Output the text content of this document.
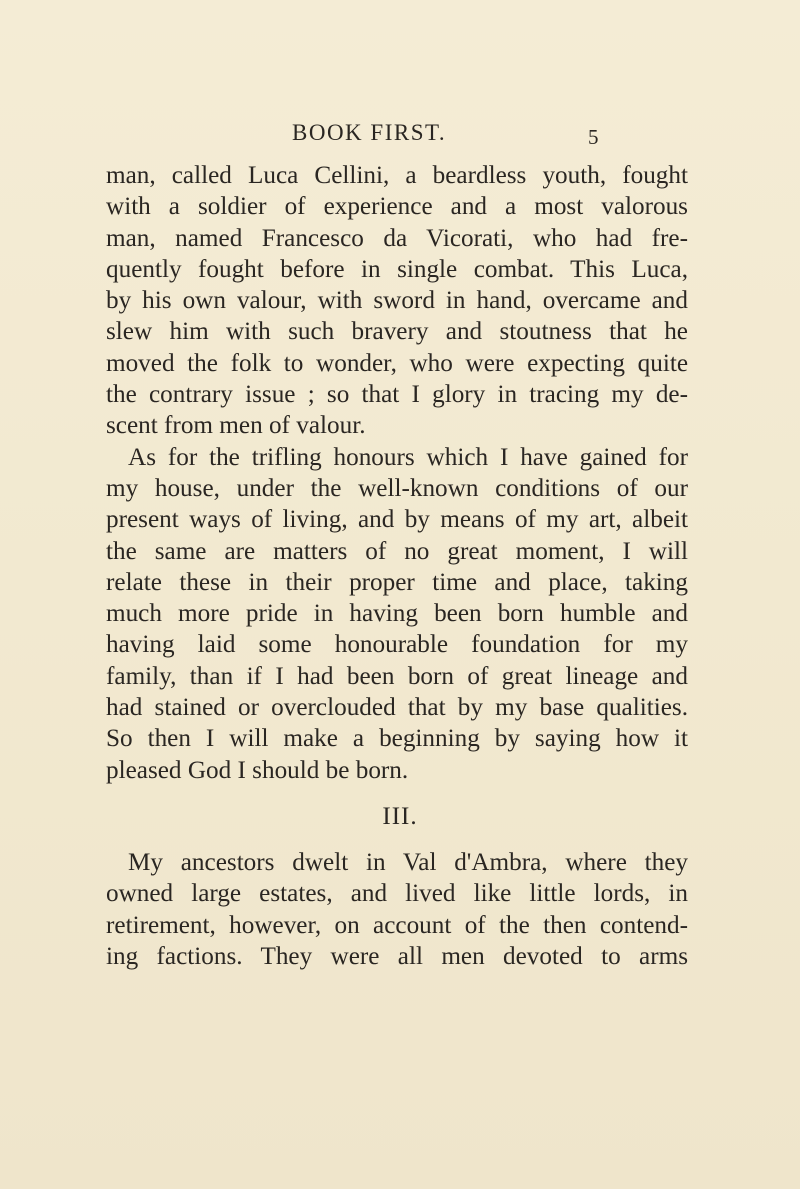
BOOK FIRST.	5
man, called Luca Cellini, a beardless youth, fought
with a soldier of experience and a most valorous
man, named Francesco da Vicorati, who had fre-
quently fought before in single combat. This Luca,
by his own valour, with sword in hand, overcame and
slew him with such bravery and stoutness that he
moved the folk to wonder, who were expecting quite
the contrary issue ; so that I glory in tracing my de-
scent from men of valour.
As for the trifling honours which I have gained for
my house, under the well-known conditions of our
present ways of living, and by means of my art, albeit
the same are matters of no great moment, I will
relate these in their proper time and place, taking
much more pride in having been born humble and
having laid some honourable foundation for my
family, than if I had been born of great lineage and
had stained or overclouded that by my base qualities.
So then I will make a beginning by saying how it
pleased God I should be born.
III.
My ancestors dwelt in Val d'Ambra, where they
owned large estates, and lived like little lords, in
retirement, however, on account of the then contend-
ing factions. They were all men devoted to arms
